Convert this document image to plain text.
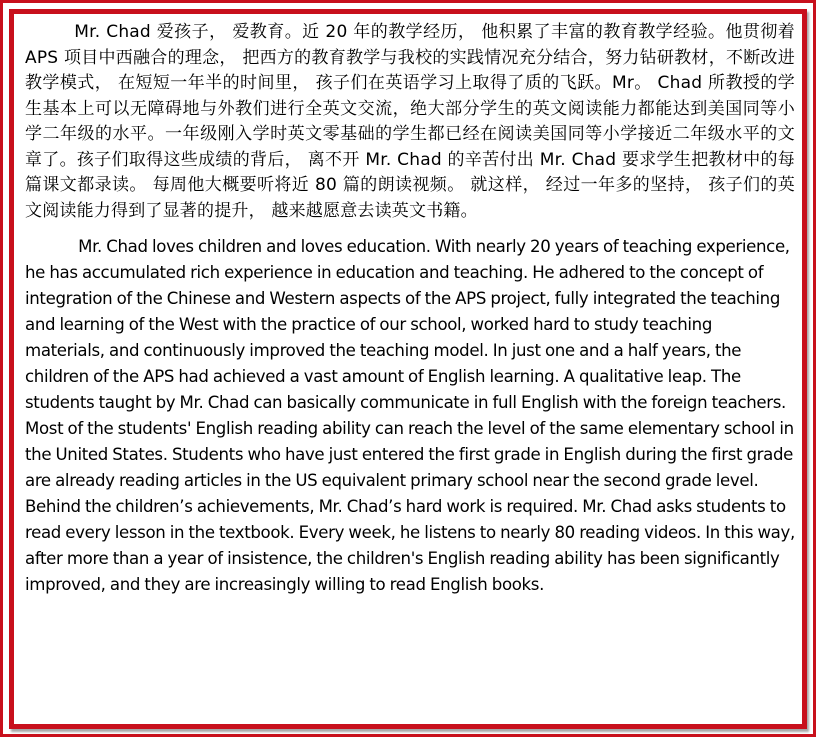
Mr. Chad 爱孩子， 爱教育。近 20 年的教学经历， 他积累了丰富的教育教学经验。他贯彻着 APS 项目中西融合的理念， 把西方的教育教学与我校的实践情况充分结合，努力钻研教材，不断改进教学模式， 在短短一年半的时间里， 孩子们在英语学习上取得了质的飞跃。Mr。 Chad 所教授的学生基本上可以无障碍地与外教们进行全英文交流，绝大部分学生的英文阅读能力都能达到美国同等小学二年级的水平。一年级刚入学时英文零基础的学生都已经在阅读美国同等小学接近二年级水平的文章了。孩子们取得这些成绩的背后， 离不开 Mr. Chad 的辛苦付出 Mr. Chad 要求学生把教材中的每篇课文都录读。 每周他大概要听将近 80 篇的朗读视频。 就这样， 经过一年多的坚持， 孩子们的英文阅读能力得到了显著的提升， 越来越愿意去读英文书籍。

Mr. Chad loves children and loves education. With nearly 20 years of teaching experience, he has accumulated rich experience in education and teaching. He adhered to the concept of integration of the Chinese and Western aspects of the APS project, fully integrated the teaching and learning of the West with the practice of our school, worked hard to study teaching materials, and continuously improved the teaching model. In just one and a half years, the children of the APS had achieved a vast amount of English learning. A qualitative leap. The students taught by Mr. Chad can basically communicate in full English with the foreign teachers. Most of the students' English reading ability can reach the level of the same elementary school in the United States. Students who have just entered the first grade in English during the first grade are already reading articles in the US equivalent primary school near the second grade level. Behind the children’s achievements, Mr. Chad’s hard work is required. Mr. Chad asks students to read every lesson in the textbook. Every week, he listens to nearly 80 reading videos. In this way, after more than a year of insistence, the children's English reading ability has been significantly improved, and they are increasingly willing to read English books.
